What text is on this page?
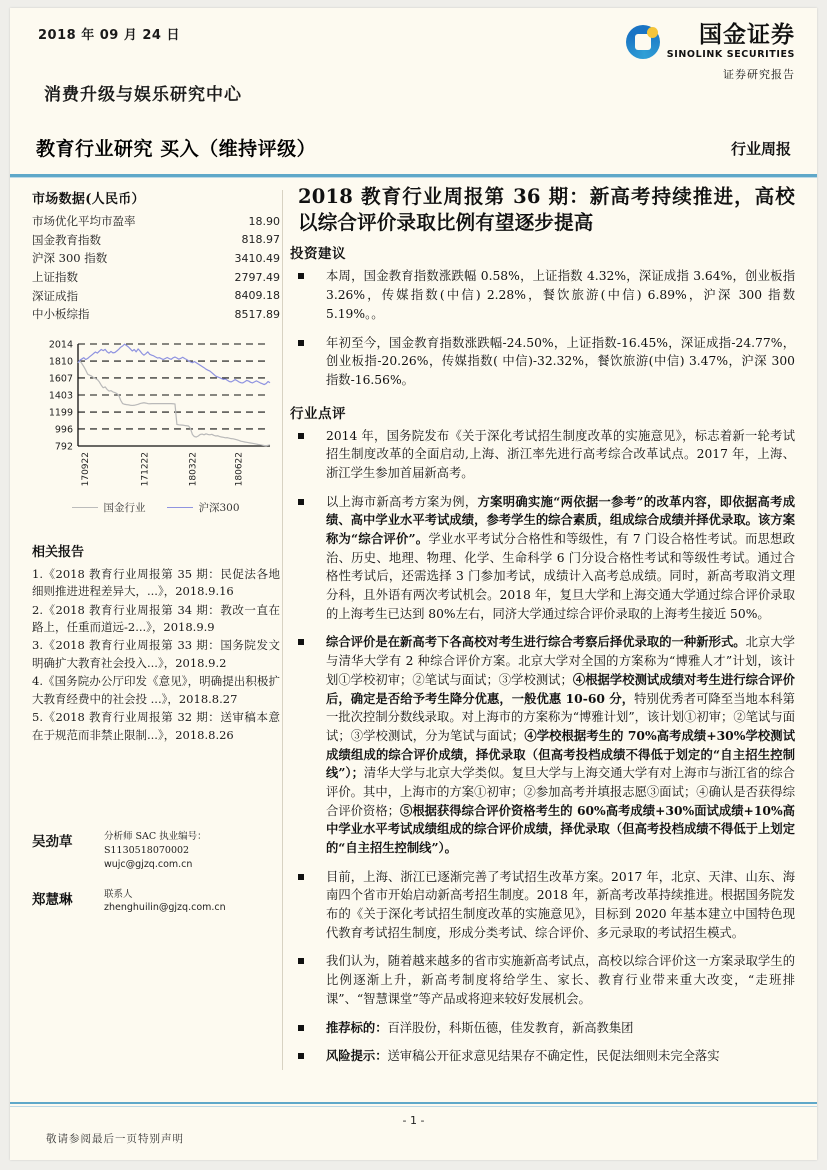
2018 年 09 月 24 日
消费升级与娱乐研究中心
教育行业研究 买入（维持评级）	行业周报
国金证券
SINOLINK SECURITIES
证券研究报告
市场数据(人民币）
市场优化平均市盈率	18.90
国金教育指数	818.97
沪深 300 指数	3410.49
上证指数	2797.49
深证成指	8409.18
中小板综指	8517.89
792
996
1199
1403
1607
1810
2014
170922	171222	180322	180622
国金行业	沪深300
相关报告
1.《2018 教育行业周报第 35 期：民促法各地细则推进进程差异大，...》，2018.9.16
2.《2018 教育行业周报第 34 期：教改一直在路上，任重而道远-2...》，2018.9.9
3.《2018 教育行业周报第 33 期：国务院发文明确扩大教育社会投入...》，2018.9.2
4.《国务院办公厅印发《意见》，明确提出积极扩大教育经费中的社会投 ...》，2018.8.27
5.《2018 教育行业周报第 32 期：送审稿本意在于规范而非禁止限制...》，2018.8.26
吴劲草	分析师 SAC 执业编号：S1130518070002
wujc@gjzq.com.cn
郑慧琳	联系人
zhenghuilin@gjzq.com.cn
2018 教育行业周报第 36 期：新高考持续推进，高校以综合评价录取比例有望逐步提高
投资建议
本周，国金教育指数涨跌幅 0.58%，上证指数 4.32%，深证成指 3.64%，创业板指 3.26%，传媒指数(中信) 2.28%，餐饮旅游(中信) 6.89%，沪深 300 指数 5.19%。。
年初至今，国金教育指数涨跌幅-24.50%，上证指数-16.45%，深证成指-24.77%，创业板指-20.26%，传媒指数( 中信)-32.32%，餐饮旅游(中信) 3.47%，沪深 300 指数-16.56%。
行业点评
2014 年，国务院发布《关于深化考试招生制度改革的实施意见》，标志着新一轮考试招生制度改革的全面启动,上海、浙江率先进行高考综合改革试点。2017 年，上海、浙江学生参加首届新高考。
以上海市新高考方案为例，方案明确实施“两依据一参考”的改革内容，即依据高考成绩、高中学业水平考试成绩，参考学生的综合素质，组成综合成绩并择优录取。该方案称为“综合评价”。学业水平考试分合格性和等级性，有 7 门设合格性考试。而思想政治、历史、地理、物理、化学、生命科学 6 门分设合格性考试和等级性考试。通过合格性考试后，还需选择 3 门参加考试，成绩计入高考总成绩。同时，新高考取消文理分科，且外语有两次考试机会。2018 年，复旦大学和上海交通大学通过综合评价录取的上海考生已达到 80%左右，同济大学通过综合评价录取的上海考生接近 50%。
综合评价是在新高考下各高校对考生进行综合考察后择优录取的一种新形式。北京大学与清华大学有 2 种综合评价方案。北京大学对全国的方案称为“博雅人才”计划，该计划①学校初审；②笔试与面试；③学校测试；④根据学校测试成绩对考生进行综合评价后，确定是否给予考生降分优惠，一般优惠 10-60 分，特别优秀者可降至当地本科第一批次控制分数线录取。对上海市的方案称为“博雅计划”，该计划①初审；②笔试与面试；③学校测试，分为笔试与面试；④学校根据考生的 70%高考成绩+30%学校测试成绩组成的综合评价成绩，择优录取（但高考投档成绩不得低于划定的“自主招生控制线”）；清华大学与北京大学类似。复旦大学与上海交通大学有对上海市与浙江省的综合评价。其中，上海市的方案①初审；②参加高考并填报志愿③面试；④确认是否获得综合评价资格；⑤根据获得综合评价资格考生的 60%高考成绩+30%面试成绩+10%高中学业水平考试成绩组成的综合评价成绩，择优录取（但高考投档成绩不得低于上划定的“自主招生控制线”）。
目前，上海、浙江已逐渐完善了考试招生改革方案。2017 年，北京、天津、山东、海南四个省市开始启动新高考招生制度。2018 年，新高考改革持续推进。根据国务院发布的《关于深化考试招生制度改革的实施意见》，目标到 2020 年基本建立中国特色现代教育考试招生制度，形成分类考试、综合评价、多元录取的考试招生模式。
我们认为，随着越来越多的省市实施新高考试点，高校以综合评价这一方案录取学生的比例逐渐上升，新高考制度将给学生、家长、教育行业带来重大改变，“走班排课”、“智慧课堂”等产品或将迎来较好发展机会。
推荐标的：百洋股份，科斯伍德，佳发教育，新高教集团
风险提示：送审稿公开征求意见结果存不确定性，民促法细则未完全落实
- 1 -
敬请参阅最后一页特别声明
